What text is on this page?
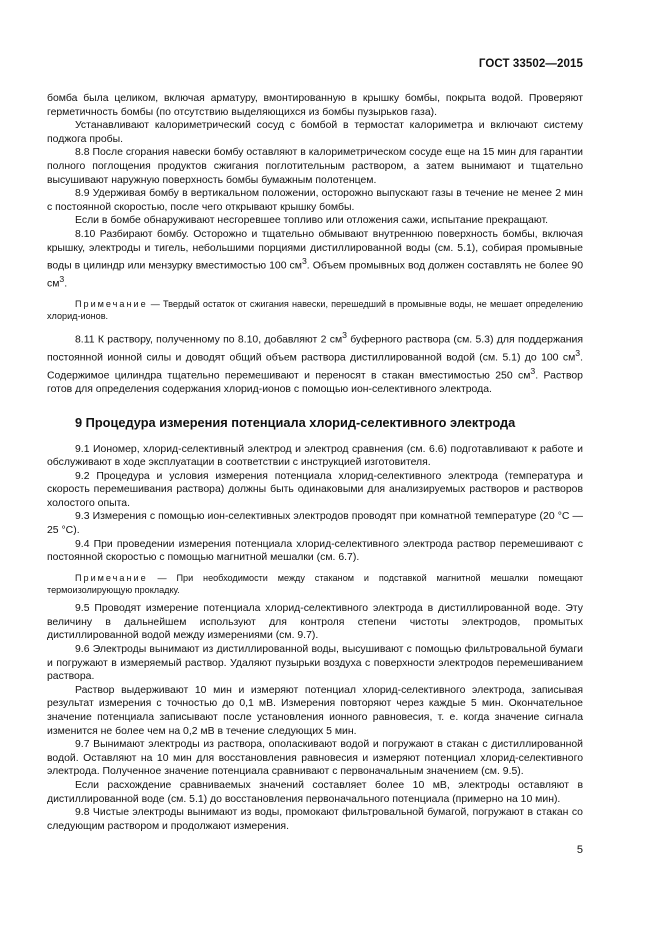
ГОСТ 33502—2015

бомба была целиком, включая арматуру, вмонтированную в крышку бомбы, покрыта водой. Проверяют герметичность бомбы (по отсутствию выделяющихся из бомбы пузырьков газа).

Устанавливают калориметрический сосуд с бомбой в термостат калориметра и включают систему поджога пробы.

8.8 После сгорания навески бомбу оставляют в калориметрическом сосуде еще на 15 мин для гарантии полного поглощения продуктов сжигания поглотительным раствором, а затем вынимают и тщательно высушивают наружную поверхность бомбы бумажным полотенцем.

8.9 Удерживая бомбу в вертикальном положении, осторожно выпускают газы в течение не менее 2 мин с постоянной скоростью, после чего открывают крышку бомбы.

Если в бомбе обнаруживают несгоревшее топливо или отложения сажи, испытание прекращают.

8.10 Разбирают бомбу. Осторожно и тщательно обмывают внутреннюю поверхность бомбы, включая крышку, электроды и тигель, небольшими порциями дистиллированной воды (см. 5.1), собирая промывные воды в цилиндр или мензурку вместимостью 100 $см^3$. Объем промывных вод должен составлять не более 90 $см^3$.

Примечание — Твердый остаток от сжигания навески, перешедший в промывные воды, не мешает определению хлорид-ионов.

8.11 К раствору, полученному по 8.10, добавляют 2 $см^3$ буферного раствора (см. 5.3) для поддержания постоянной ионной силы и доводят общий объем раствора дистиллированной водой (см. 5.1) до 100 $см^3$. Содержимое цилиндра тщательно перемешивают и переносят в стакан вместимостью 250 $см^3$. Раствор готов для определения содержания хлорид-ионов с помощью ион-селективного электрода.

9 Процедура измерения потенциала хлорид-селективного электрода

9.1 Иономер, хлорид-селективный электрод и электрод сравнения (см. 6.6) подготавливают к работе и обслуживают в ходе эксплуатации в соответствии с инструкцией изготовителя.

9.2 Процедура и условия измерения потенциала хлорид-селективного электрода (температура и скорость перемешивания раствора) должны быть одинаковыми для анализируемых растворов и растворов холостого опыта.

9.3 Измерения с помощью ион-селективных электродов проводят при комнатной температуре (20 °С — 25 °С).

9.4 При проведении измерения потенциала хлорид-селективного электрода раствор перемешивают с постоянной скоростью с помощью магнитной мешалки (см. 6.7).

Примечание — При необходимости между стаканом и подставкой магнитной мешалки помещают термоизолирующую прокладку.

9.5 Проводят измерение потенциала хлорид-селективного электрода в дистиллированной воде. Эту величину в дальнейшем используют для контроля степени чистоты электродов, промытых дистиллированной водой между измерениями (см. 9.7).

9.6 Электроды вынимают из дистиллированной воды, высушивают с помощью фильтровальной бумаги и погружают в измеряемый раствор. Удаляют пузырьки воздуха с поверхности электродов перемешиванием раствора.

Раствор выдерживают 10 мин и измеряют потенциал хлорид-селективного электрода, записывая результат измерения с точностью до 0,1 мВ. Измерения повторяют через каждые 5 мин. Окончательное значение потенциала записывают после установления ионного равновесия, т. е. когда значение сигнала изменится не более чем на 0,2 мВ в течение следующих 5 мин.

9.7 Вынимают электроды из раствора, ополаскивают водой и погружают в стакан с дистиллированной водой. Оставляют на 10 мин для восстановления равновесия и измеряют потенциал хлорид-селективного электрода. Полученное значение потенциала сравнивают с первоначальным значением (см. 9.5).

Если расхождение сравниваемых значений составляет более 10 мВ, электроды оставляют в дистиллированной воде (см. 5.1) до восстановления первоначального потенциала (примерно на 10 мин).

9.8 Чистые электроды вынимают из воды, промокают фильтровальной бумагой, погружают в стакан со следующим раствором и продолжают измерения.

5
